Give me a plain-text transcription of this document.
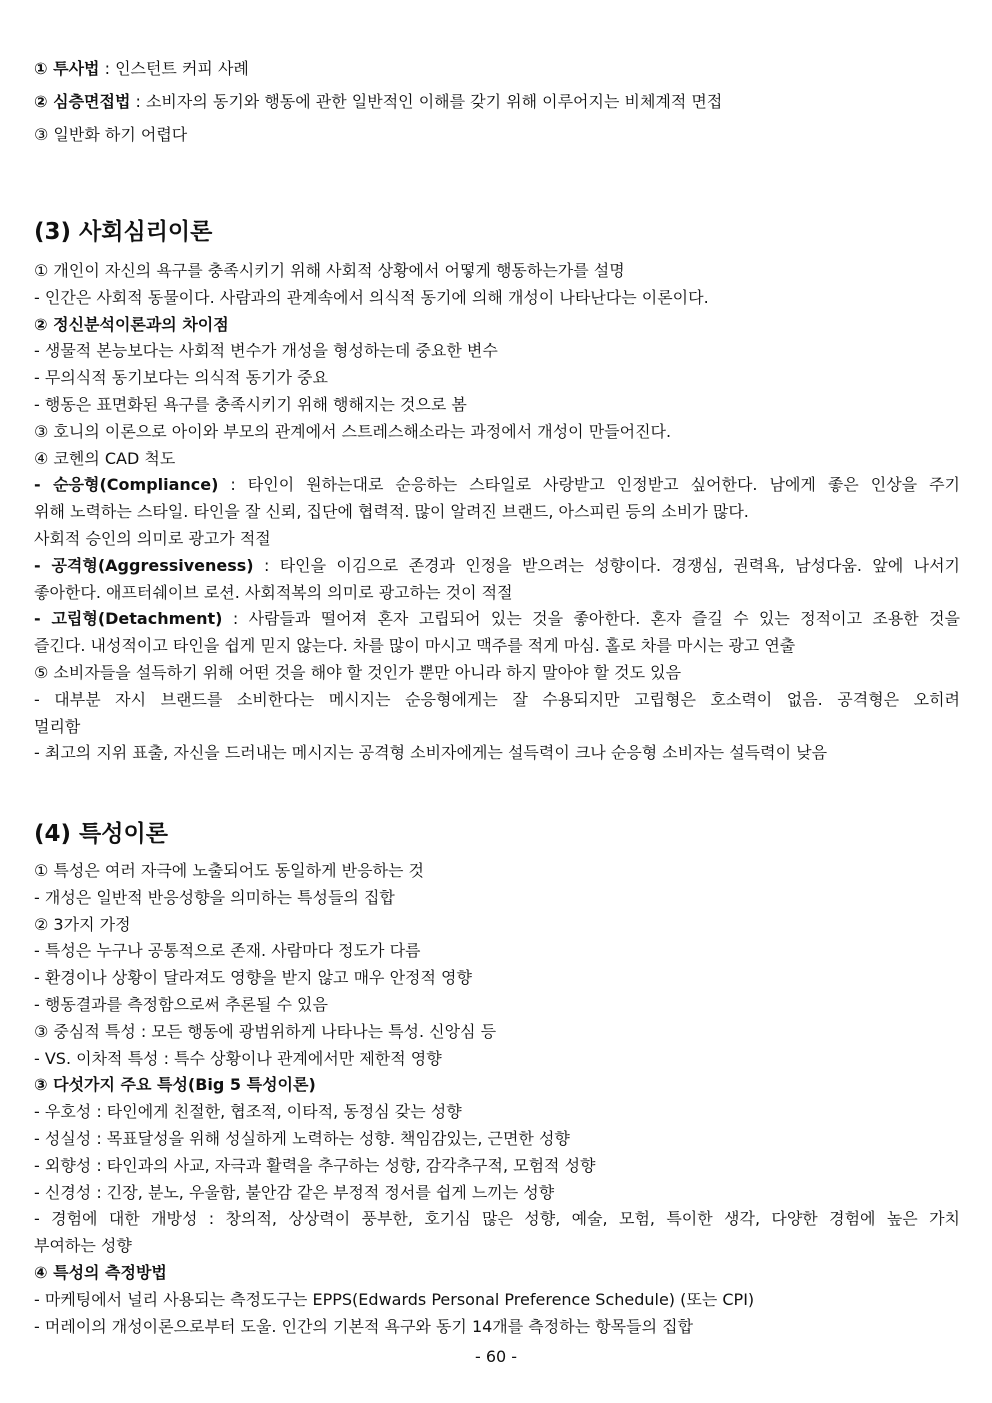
① 투사법 : 인스턴트 커피 사례
② 심층면접법 : 소비자의 동기와 행동에 관한 일반적인 이해를 갖기 위해 이루어지는 비체계적 면접
③ 일반화 하기 어렵다
(3) 사회심리이론
① 개인이 자신의 욕구를 충족시키기 위해 사회적 상황에서 어떻게 행동하는가를 설명
- 인간은 사회적 동물이다. 사람과의 관계속에서 의식적 동기에 의해 개성이 나타난다는 이론이다.
② 정신분석이론과의 차이점
- 생물적 본능보다는 사회적 변수가 개성을 형성하는데 중요한 변수
- 무의식적 동기보다는 의식적 동기가 중요
- 행동은 표면화된 욕구를 충족시키기 위해 행해지는 것으로 봄
③ 호니의 이론으로 아이와 부모의 관계에서 스트레스해소라는 과정에서 개성이 만들어진다.
④ 코헨의 CAD 척도
- 순응형(Compliance) : 타인이 원하는대로 순응하는 스타일로 사랑받고 인정받고 싶어한다. 남에게 좋은 인상을 주기
위해 노력하는 스타일. 타인을 잘 신뢰, 집단에 협력적. 많이 알려진 브랜드, 아스피린 등의 소비가 많다.
사회적 승인의 의미로 광고가 적절
- 공격형(Aggressiveness) : 타인을 이김으로 존경과 인정을 받으려는 성향이다. 경쟁심, 권력욕, 남성다움. 앞에 나서기
좋아한다. 애프터쉐이브 로션. 사회적복의 의미로 광고하는 것이 적절
- 고립형(Detachment) : 사람들과 떨어져 혼자 고립되어 있는 것을 좋아한다. 혼자 즐길 수 있는 정적이고 조용한 것을
즐긴다. 내성적이고 타인을 쉽게 믿지 않는다. 차를 많이 마시고 맥주를 적게 마심. 홀로 차를 마시는 광고 연출
⑤ 소비자들을 설득하기 위해 어떤 것을 해야 할 것인가 뿐만 아니라 하지 말아야 할 것도 있음
- 대부분 자시 브랜드를 소비한다는 메시지는 순응형에게는 잘 수용되지만 고립형은 호소력이 없음. 공격형은 오히려
멀리함
- 최고의 지위 표출, 자신을 드러내는 메시지는 공격형 소비자에게는 설득력이 크나 순응형 소비자는 설득력이 낮음
(4) 특성이론
① 특성은 여러 자극에 노출되어도 동일하게 반응하는 것
- 개성은 일반적 반응성향을 의미하는 특성들의 집합
② 3가지 가정
- 특성은 누구나 공통적으로 존재. 사람마다 정도가 다름
- 환경이나 상황이 달라져도 영향을 받지 않고 매우 안정적 영향
- 행동결과를 측정함으로써 추론될 수 있음
③ 중심적 특성 : 모든 행동에 광범위하게 나타나는 특성. 신앙심 등
- VS. 이차적 특성 : 특수 상황이나 관계에서만 제한적 영향
③ 다섯가지 주요 특성(Big 5 특성이론)
- 우호성 : 타인에게 친절한, 협조적, 이타적, 동정심 갖는 성향
- 성실성 : 목표달성을 위해 성실하게 노력하는 성향. 책임감있는, 근면한 성향
- 외향성 : 타인과의 사교, 자극과 활력을 추구하는 성향, 감각추구적, 모험적 성향
- 신경성 : 긴장, 분노, 우울함, 불안감 같은 부정적 정서를 쉽게 느끼는 성향
- 경험에 대한 개방성 : 창의적, 상상력이 풍부한, 호기심 많은 성향, 예술, 모험, 특이한 생각, 다양한 경험에 높은 가치
부여하는 성향
④ 특성의 측정방법
- 마케팅에서 널리 사용되는 측정도구는 EPPS(Edwards Personal Preference Schedule) (또는 CPI)
- 머레이의 개성이론으로부터 도울. 인간의 기본적 욕구와 동기 14개를 측정하는 항목들의 집합
- 60 -
